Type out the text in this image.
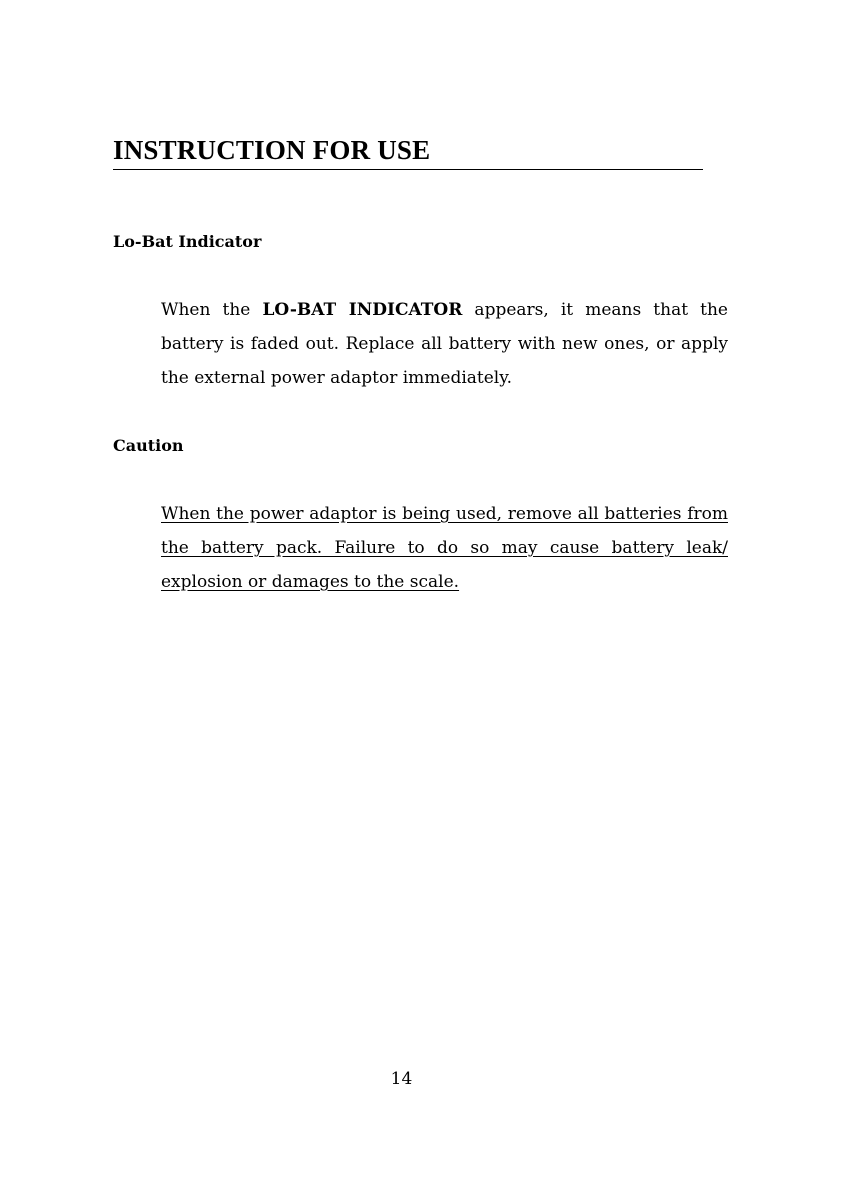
INSTRUCTION FOR USE
Lo-Bat Indicator

When the LO-BAT INDICATOR appears, it means that the battery is faded out. Replace all battery with new ones, or apply the external power adaptor immediately.

Caution

When the power adaptor is being used, remove all batteries from the battery pack. Failure to do so may cause battery leak/ explosion or damages to the scale.

14
